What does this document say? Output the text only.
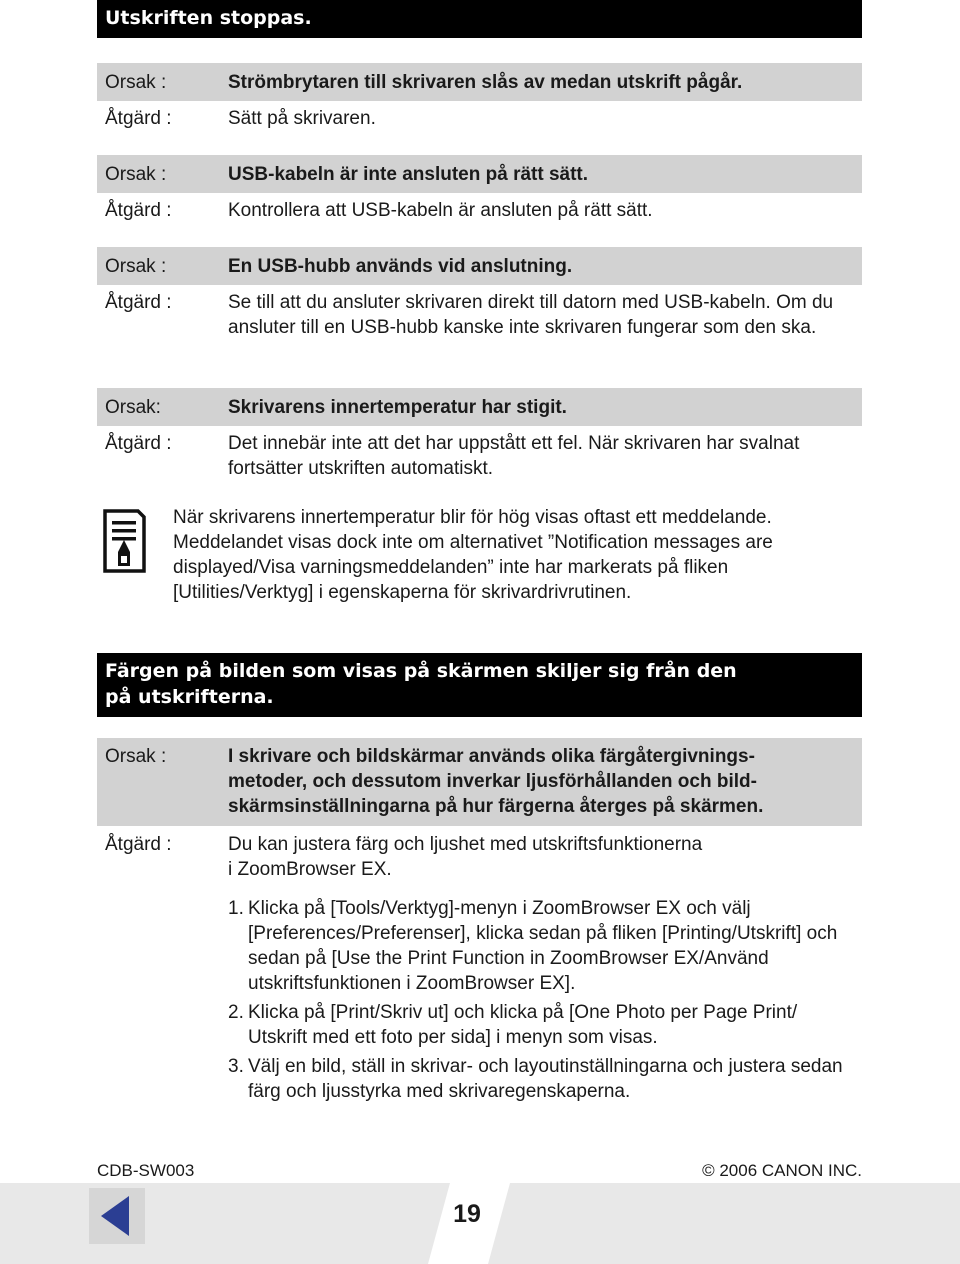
Utskriften stoppas.
Orsak :	Strömbrytaren till skrivaren slås av medan utskrift pågår.
Åtgärd :	Sätt på skrivaren.
Orsak :	USB-kabeln är inte ansluten på rätt sätt.
Åtgärd :	Kontrollera att USB-kabeln är ansluten på rätt sätt.
Orsak :	En USB-hubb används vid anslutning.
Åtgärd :	Se till att du ansluter skrivaren direkt till datorn med USB-kabeln. Om du ansluter till en USB-hubb kanske inte skrivaren fungerar som den ska.
Orsak:	Skrivarens innertemperatur har stigit.
Åtgärd :	Det innebär inte att det har uppstått ett fel. När skrivaren har svalnat fortsätter utskriften automatiskt.
När skrivarens innertemperatur blir för hög visas oftast ett meddelande. Meddelandet visas dock inte om alternativet ”Notification messages are displayed/Visa varningsmeddelanden” inte har markerats på fliken [Utilities/Verktyg] i egenskaperna för skrivardrivrutinen.
Färgen på bilden som visas på skärmen skiljer sig från den
på utskrifterna.
Orsak :	I skrivare och bildskärmar används olika färgåtergivnings-
metoder, och dessutom inverkar ljusförhållanden och bild-
skärmsinställningarna på hur färgerna återges på skärmen.
Åtgärd :	Du kan justera färg och ljushet med utskriftsfunktionerna
i ZoomBrowser EX.
1. Klicka på [Tools/Verktyg]-menyn i ZoomBrowser EX och välj [Preferences/Preferenser], klicka sedan på fliken [Printing/Utskrift] och sedan på [Use the Print Function in ZoomBrowser EX/Använd utskriftsfunktionen i ZoomBrowser EX].
2. Klicka på [Print/Skriv ut] och klicka på [One Photo per Page Print/ Utskrift med ett foto per sida] i menyn som visas.
3. Välj en bild, ställ in skrivar- och layoutinställningarna och justera sedan färg och ljusstyrka med skrivaregenskaperna.
CDB-SW003	© 2006 CANON INC.
19
